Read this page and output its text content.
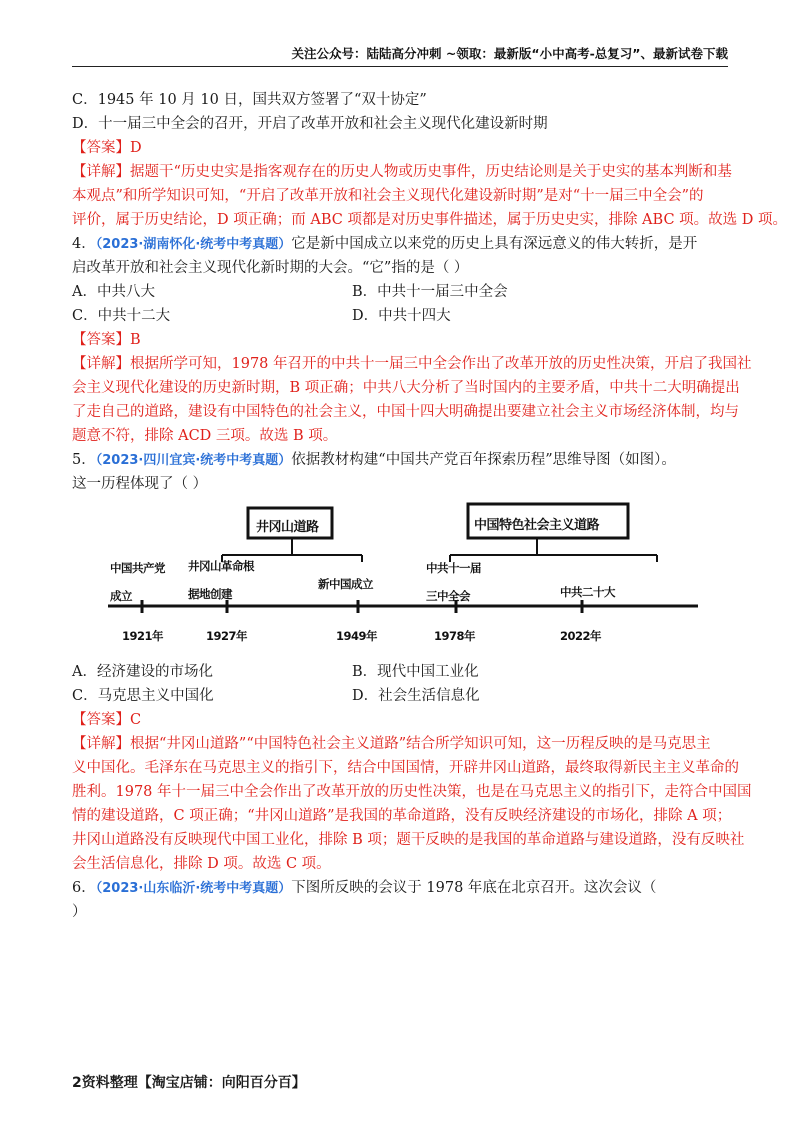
关注公众号：陆陆高分冲刺 ~领取：最新版“小中高考-总复习”、最新试卷下载
C．1945 年 10 月 10 日，国共双方签署了“双十协定”
D．十一届三中全会的召开，开启了改革开放和社会主义现代化建设新时期
【答案】D
【详解】据题干“历史史实是指客观存在的历史人物或历史事件，历史结论则是关于史实的基本判断和基
本观点”和所学知识可知，“开启了改革开放和社会主义现代化建设新时期”是对“十一届三中全会”的
评价，属于历史结论，D 项正确；而 ABC 项都是对历史事件描述，属于历史史实，排除 ABC 项。故选 D 项。
4．（2023·湖南怀化·统考中考真题）它是新中国成立以来党的历史上具有深远意义的伟大转折，是开
启改革开放和社会主义现代化新时期的大会。“它”指的是（ ）
A．中共八大	B．中共十一届三中全会
C．中共十二大	D．中共十四大
【答案】B
【详解】根据所学可知，1978 年召开的中共十一届三中全会作出了改革开放的历史性决策，开启了我国社
会主义现代化建设的历史新时期，B 项正确；中共八大分析了当时国内的主要矛盾，中共十二大明确提出
了走自己的道路，建设有中国特色的社会主义，中国十四大明确提出要建立社会主义市场经济体制，均与
题意不符，排除 ACD 三项。故选 B 项。
5．（2023·四川宜宾·统考中考真题）依据教材构建“中国共产党百年探索历程”思维导图（如图）。
这一历程体现了（ ）
井冈山道路	中国特色社会主义道路
中国共产党
成立
井冈山革命根
据地创建
新中国成立
中共十一届
三中全会	中共二十大
1921年	1927年	1949年	1978年	2022年
A．经济建设的市场化	B．现代中国工业化
C．马克思主义中国化	D．社会生活信息化
【答案】C
【详解】根据“井冈山道路”“中国特色社会主义道路”结合所学知识可知，这一历程反映的是马克思主
义中国化。毛泽东在马克思主义的指引下，结合中国国情，开辟井冈山道路，最终取得新民主主义革命的
胜利。1978 年十一届三中全会作出了改革开放的历史性决策，也是在马克思主义的指引下，走符合中国国
情的建设道路，C 项正确；“井冈山道路”是我国的革命道路，没有反映经济建设的市场化，排除 A 项；
井冈山道路没有反映现代中国工业化，排除 B 项；题干反映的是我国的革命道路与建设道路，没有反映社
会生活信息化，排除 D 项。故选 C 项。
6．（2023·山东临沂·统考中考真题）下图所反映的会议于 1978 年底在北京召开。这次会议（
）
2资料整理【淘宝店铺：向阳百分百】
